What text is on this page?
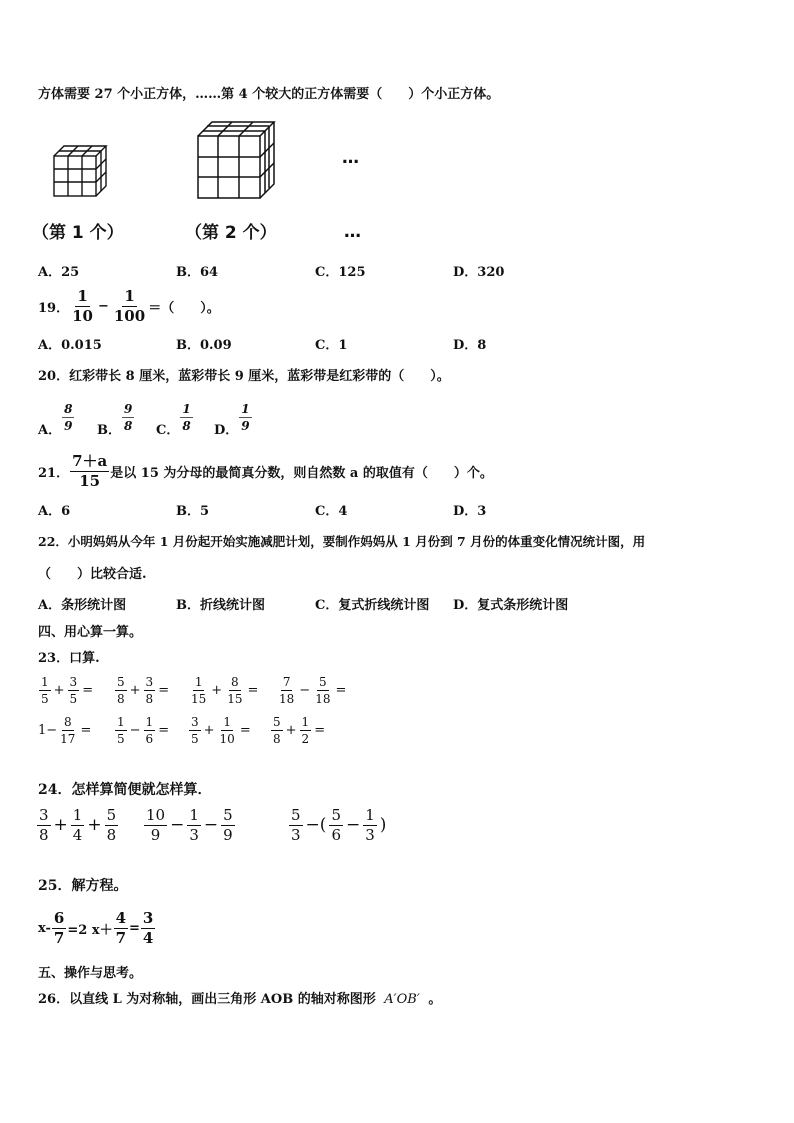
方体需要 27 个小正方体，……第 4 个较大的正方体需要（　　）个小正方体。
…
（第 1 个）	（第 2 个）	…
A．25	B．64	C．125	D．320
19． $\frac{1}{10} - \frac{1}{100}$ ＝（　　）。
A．0.015	B．0.09	C．1	D．8
20．红彩带长 8 厘米，蓝彩带长 9 厘米，蓝彩带是红彩带的（　　）。
A． $\frac{8}{9}$ B． $\frac{9}{8}$ C． $\frac{1}{8}$ D． $\frac{1}{9}$
21． $\frac{7+a}{15}$ 是以 15 为分母的最简真分数，则自然数 a 的取值有（　　）个。
A．6	B．5	C．4	D．3
22．小明妈妈从今年 1 月份起开始实施减肥计划，要制作妈妈从 1 月份到 7 月份的体重变化情况统计图，用
（　　）比较合适.
A．条形统计图	B．折线统计图	C．复式折线统计图 D．复式条形统计图
四、用心算一算。
23．口算.
$\frac{1}{5} + \frac{3}{5} = \frac{5}{8} + \frac{3}{8} = \frac{1}{15} + \frac{8}{15} = \frac{7}{18} - \frac{5}{18}$ =
$1- \frac{8}{17} = \frac{1}{5} - \frac{1}{6} = \frac{3}{5} + \frac{1}{10} = \frac{5}{8} + \frac{1}{2}$ =
24．怎样算简便就怎样算．
$\frac{3}{8} + \frac{1}{4} + \frac{5}{8} \frac{10}{9} - \frac{1}{3} - \frac{5}{9}$	$\frac{5}{3}$ −( $\frac{5}{6} - \frac{1}{3}$ )
25．解方程。
$x- \frac{6}{7} =2$ $x+ \frac{4}{7} = \frac{3}{4}$
五、操作与思考。
26．以直线 L 为对称轴，画出三角形 AOB 的轴对称图形 A′OB′ 。
